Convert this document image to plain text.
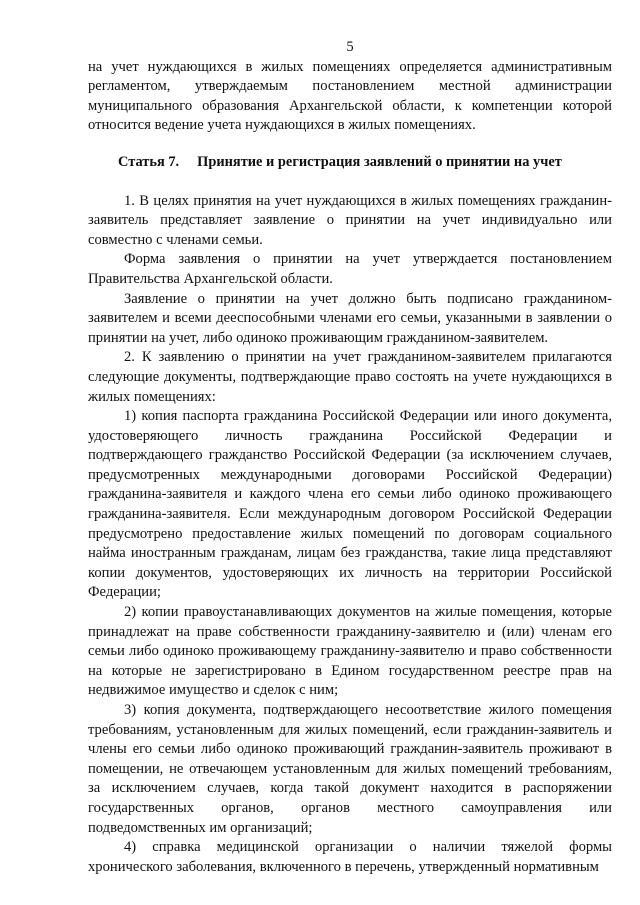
5

на учет нуждающихся в жилых помещениях определяется административным регламентом, утверждаемым постановлением местной администрации муниципального образования Архангельской области, к компетенции которой относится ведение учета нуждающихся в жилых помещениях.

Статья 7. Принятие и регистрация заявлений о принятии на учет

1. В целях принятия на учет нуждающихся в жилых помещениях гражданин-заявитель представляет заявление о принятии на учет индивидуально или совместно с членами семьи.

Форма заявления о принятии на учет утверждается постановлением Правительства Архангельской области.

Заявление о принятии на учет должно быть подписано гражданином-заявителем и всеми дееспособными членами его семьи, указанными в заявлении о принятии на учет, либо одиноко проживающим гражданином-заявителем.

2. К заявлению о принятии на учет гражданином-заявителем прилагаются следующие документы, подтверждающие право состоять на учете нуждающихся в жилых помещениях:

1) копия паспорта гражданина Российской Федерации или иного документа, удостоверяющего личность гражданина Российской Федерации и подтверждающего гражданство Российской Федерации (за исключением случаев, предусмотренных международными договорами Российской Федерации) гражданина-заявителя и каждого члена его семьи либо одиноко проживающего гражданина-заявителя. Если международным договором Российской Федерации предусмотрено предоставление жилых помещений по договорам социального найма иностранным гражданам, лицам без гражданства, такие лица представляют копии документов, удостоверяющих их личность на территории Российской Федерации;

2) копии правоустанавливающих документов на жилые помещения, которые принадлежат на праве собственности гражданину-заявителю и (или) членам его семьи либо одиноко проживающему гражданину-заявителю и право собственности на которые не зарегистрировано в Едином государственном реестре прав на недвижимое имущество и сделок с ним;

3) копия документа, подтверждающего несоответствие жилого помещения требованиям, установленным для жилых помещений, если гражданин-заявитель и члены его семьи либо одиноко проживающий гражданин-заявитель проживают в помещении, не отвечающем установленным для жилых помещений требованиям, за исключением случаев, когда такой документ находится в распоряжении государственных органов, органов местного самоуправления или подведомственных им организаций;

4) справка медицинской организации о наличии тяжелой формы хронического заболевания, включенного в перечень, утвержденный нормативным
